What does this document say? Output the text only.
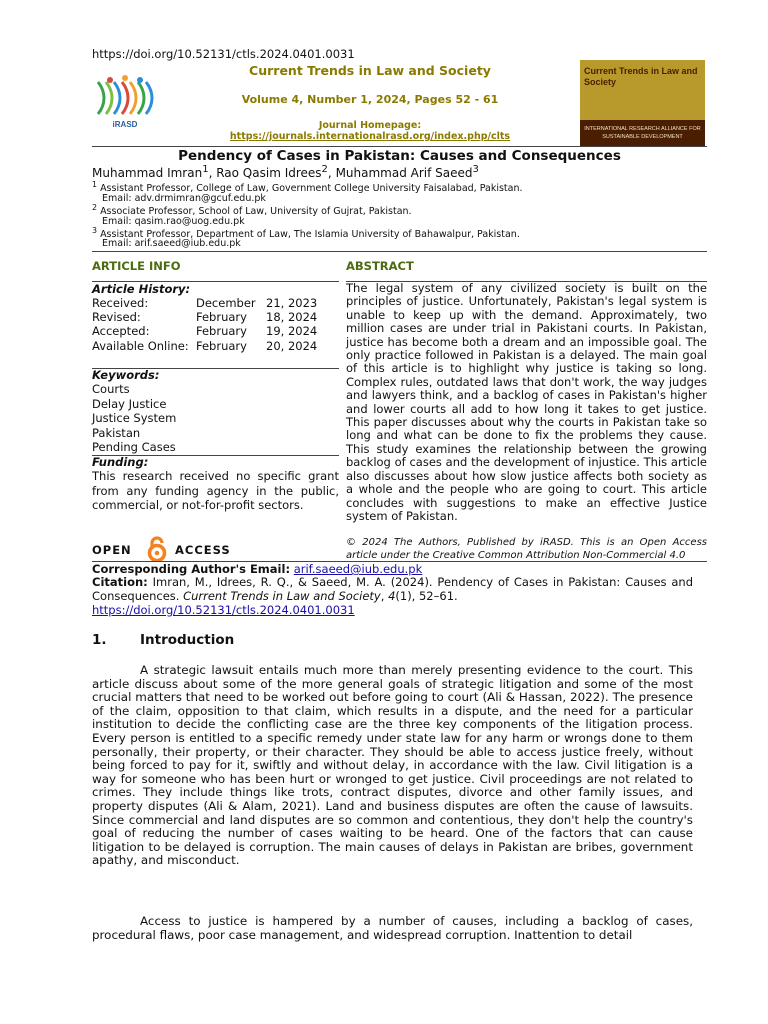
https://doi.org/10.52131/ctls.2024.0401.0031
iRASD
Current Trends in Law and Society
Volume 4, Number 1, 2024, Pages 52 - 61
Journal Homepage:
https://journals.internationalrasd.org/index.php/clts
Current Trends in Law and Society
INTERNATIONAL RESEARCH ALLIANCE FOR SUSTAINABLE DEVELOPMENT
Pendency of Cases in Pakistan: Causes and Consequences
Muhammad Imran$^1$, Rao Qasim Idrees$^2$, Muhammad Arif Saeed$^3$
$^1$ Assistant Professor, College of Law, Government College University Faisalabad, Pakistan.
Email: adv.drmimran@gcuf.edu.pk
$^2$ Associate Professor, School of Law, University of Gujrat, Pakistan.
Email: qasim.rao@uog.edu.pk
$^3$ Assistant Professor, Department of Law, The Islamia University of Bahawalpur, Pakistan.
Email: arif.saeed@iub.edu.pk
ARTICLE INFO	ABSTRACT
Article History:
Received:	December 21, 2023
Revised:	February 18, 2024
Accepted:	February 19, 2024
Available Online: February 20, 2024
Keywords:
Courts
Delay Justice
Justice System
Pakistan
Pending Cases
Funding:
This research received no specific grant from any funding agency in the public, commercial, or not-for-profit sectors.
The legal system of any civilized society is built on the principles of justice. Unfortunately, Pakistan's legal system is unable to keep up with the demand. Approximately, two million cases are under trial in Pakistani courts. In Pakistan, justice has become both a dream and an impossible goal. The only practice followed in Pakistan is a delayed. The main goal of this article is to highlight why justice is taking so long. Complex rules, outdated laws that don't work, the way judges and lawyers think, and a backlog of cases in Pakistan's higher and lower courts all add to how long it takes to get justice. This paper discusses about why the courts in Pakistan take so long and what can be done to fix the problems they cause. This study examines the relationship between the growing backlog of cases and the development of injustice. This article also discusses about how slow justice affects both society as a whole and the people who are going to court. This article concludes with suggestions to make an effective Justice system of Pakistan.
OPEN	ACCESS
© 2024 The Authors, Published by iRASD. This is an Open Access article under the Creative Common Attribution Non-Commercial 4.0
Corresponding Author's Email: arif.saeed@iub.edu.pk
Citation: Imran, M., Idrees, R. Q., & Saeed, M. A. (2024). Pendency of Cases in Pakistan: Causes and Consequences. Current Trends in Law and Society, 4(1), 52–61.
https://doi.org/10.52131/ctls.2024.0401.0031
1. Introduction
A strategic lawsuit entails much more than merely presenting evidence to the court. This article discuss about some of the more general goals of strategic litigation and some of the most crucial matters that need to be worked out before going to court (Ali & Hassan, 2022). The presence of the claim, opposition to that claim, which results in a dispute, and the need for a particular institution to decide the conflicting case are the three key components of the litigation process. Every person is entitled to a specific remedy under state law for any harm or wrongs done to them personally, their property, or their character. They should be able to access justice freely, without being forced to pay for it, swiftly and without delay, in accordance with the law. Civil litigation is a way for someone who has been hurt or wronged to get justice. Civil proceedings are not related to crimes. They include things like trots, contract disputes, divorce and other family issues, and property disputes (Ali & Alam, 2021). Land and business disputes are often the cause of lawsuits. Since commercial and land disputes are so common and contentious, they don't help the country's goal of reducing the number of cases waiting to be heard. One of the factors that can cause litigation to be delayed is corruption. The main causes of delays in Pakistan are bribes, government apathy, and misconduct.
Access to justice is hampered by a number of causes, including a backlog of cases, procedural flaws, poor case management, and widespread corruption. Inattention to detail
